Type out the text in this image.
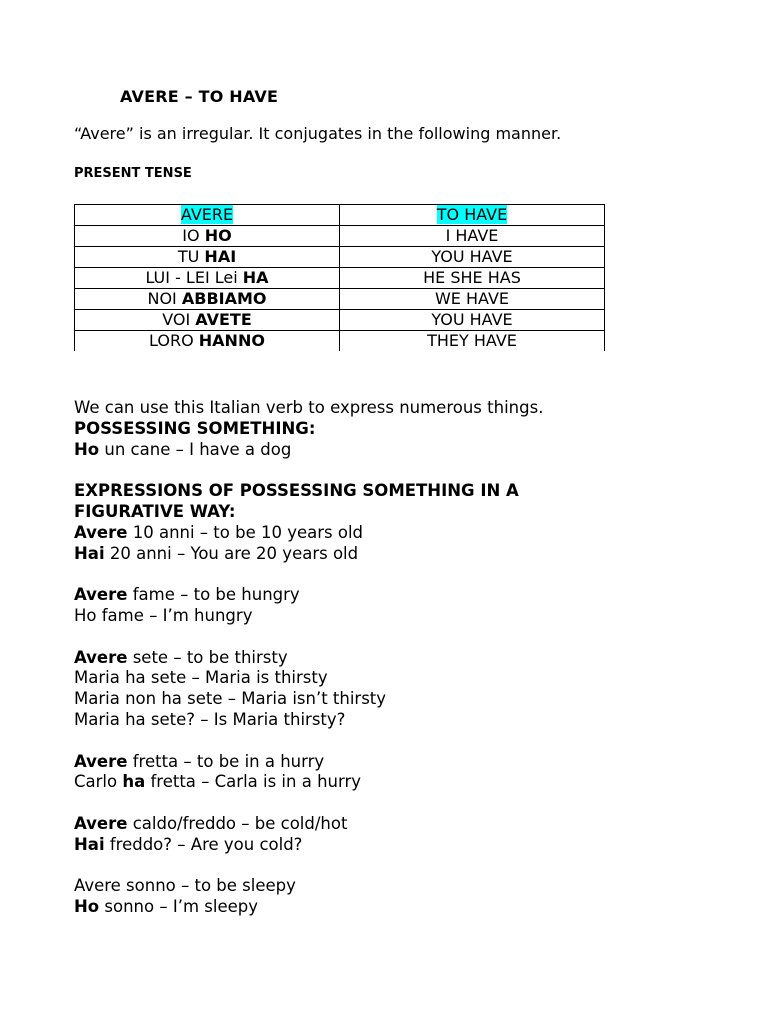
AVERE – TO HAVE
“Avere” is an irregular. It conjugates in the following manner.
PRESENT TENSE
AVERE	TO HAVE
IO HO	I HAVE
TU HAI	YOU HAVE
LUI - LEI Lei HA	HE SHE HAS
NOI ABBIAMO	WE HAVE
VOI AVETE	YOU HAVE
LORO HANNO	THEY HAVE
We can use this Italian verb to express numerous things.
POSSESSING SOMETHING:
Ho un cane – I have a dog
EXPRESSIONS OF POSSESSING SOMETHING IN A
FIGURATIVE WAY:
Avere 10 anni – to be 10 years old
Hai 20 anni – You are 20 years old
Avere fame – to be hungry
Ho fame – I’m hungry
Avere sete – to be thirsty
Maria ha sete – Maria is thirsty
Maria non ha sete – Maria isn’t thirsty
Maria ha sete? – Is Maria thirsty?
Avere fretta – to be in a hurry
Carlo ha fretta – Carla is in a hurry
Avere caldo/freddo – be cold/hot
Hai freddo? – Are you cold?
Avere sonno – to be sleepy
Ho sonno – I’m sleepy
